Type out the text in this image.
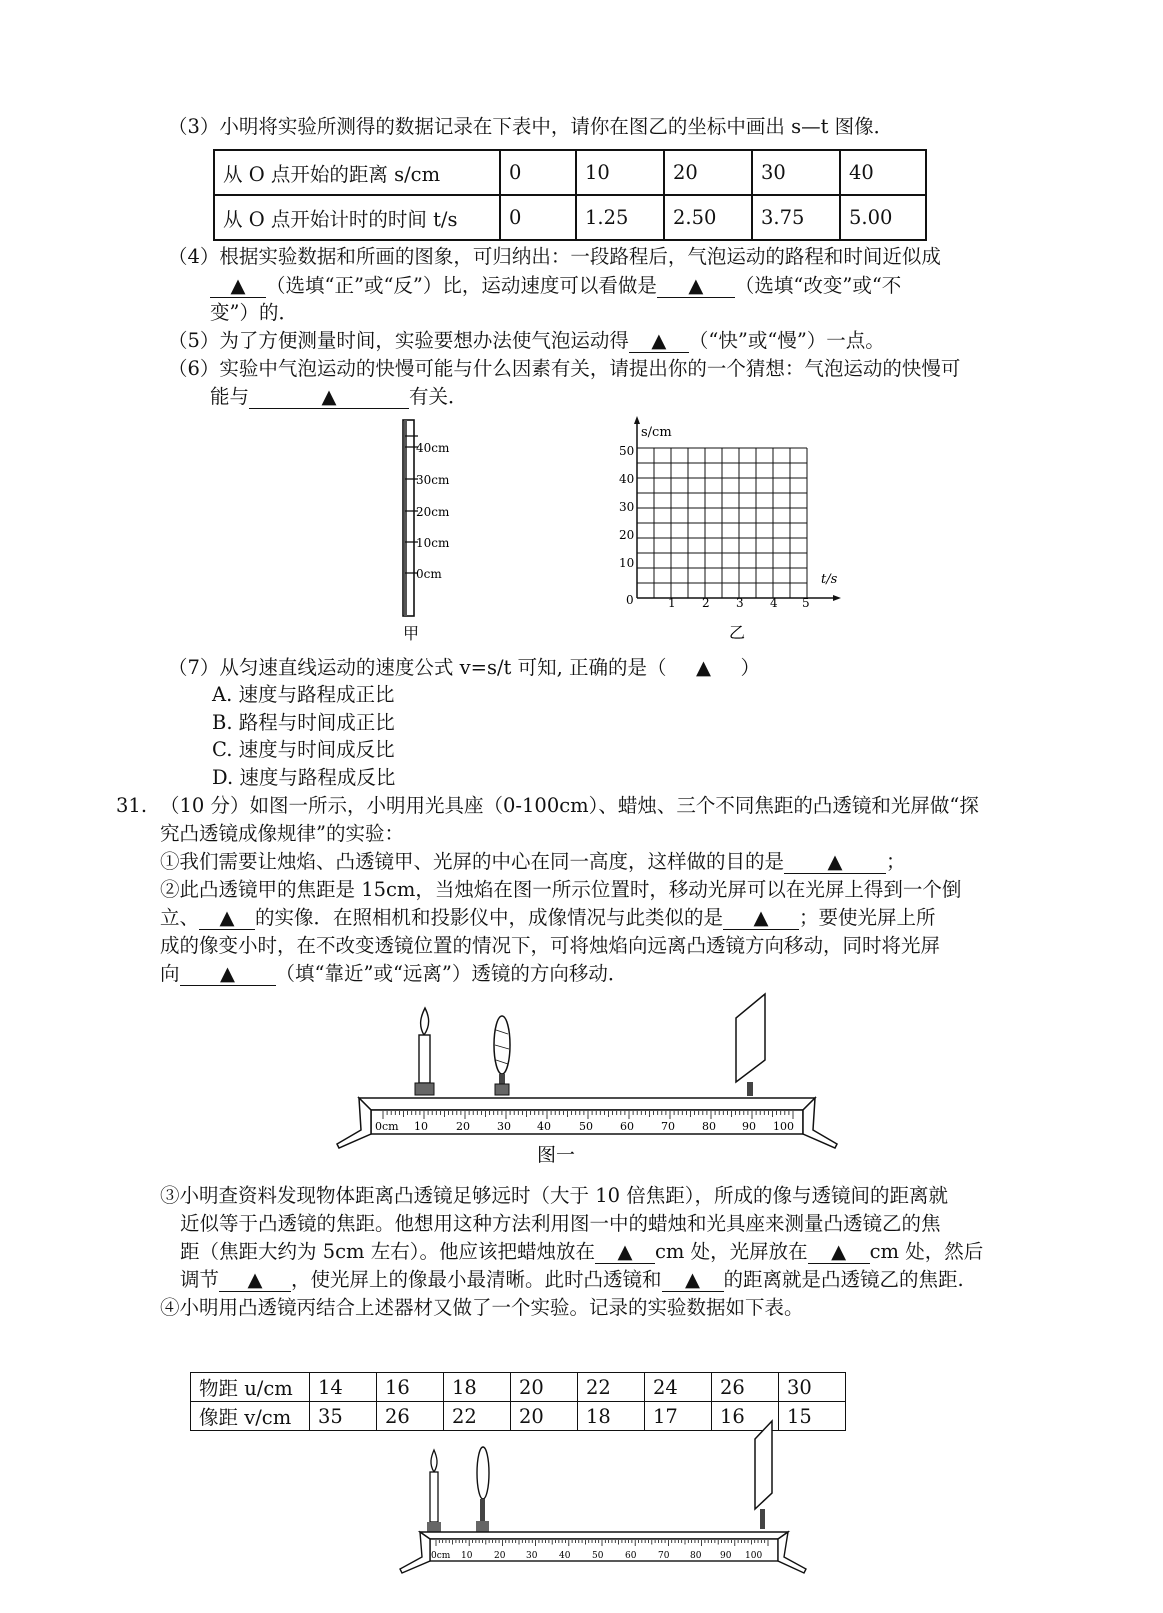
（3）小明将实验所测得的数据记录在下表中，请你在图乙的坐标中画出 s—t 图像．
从 O 点开始的距离 s/cm	0	10	20	30	40
从 O 点开始计时的时间 t/s	0	1.25	2.50	3.75	5.00
（4）根据实验数据和所画的图象，可归纳出：一段路程后，气泡运动的路程和时间近似成
▲ （选填“正”或“反”）比，运动速度可以看做是 ▲ （选填“改变”或“不
变”）的．
（5）为了方便测量时间，实验要想办法使气泡运动得 ▲ （“快”或“慢”）一点。
（6）实验中气泡运动的快慢可能与什么因素有关，请提出你的一个猜想：气泡运动的快慢可
能与	▲	有关．
40cm
30cm
20cm
10cm
0cm
甲
s/cm
t/s
50
40
30
20
10
0	1 2 3 4 5
乙
（7）从匀速直线运动的速度公式 v=s/t 可知, 正确的是（ ▲ ）
A. 速度与路程成正比
B. 路程与时间成正比
C. 速度与时间成反比
D. 速度与路程成反比
31. （10 分）如图一所示，小明用光具座（0-100cm）、蜡烛、三个不同焦距的凸透镜和光屏做“探
究凸透镜成像规律”的实验：
①我们需要让烛焰、凸透镜甲、光屏的中心在同一高度，这样做的目的是 ▲ ；
②此凸透镜甲的焦距是 15cm，当烛焰在图一所示位置时，移动光屏可以在光屏上得到一个倒
立、 ▲ 的实像．在照相机和投影仪中，成像情况与此类似的是 ▲ ；要使光屏上所
成的像变小时，在不改变透镜位置的情况下，可将烛焰向远离凸透镜方向移动，同时将光屏
向 ▲ （填“靠近”或“远离”）透镜的方向移动．
0cm 10	20 30 40	50 60 70 80 90 100
图一
③小明查资料发现物体距离凸透镜足够远时（大于 10 倍焦距），所成的像与透镜间的距离就
近似等于凸透镜的焦距。他想用这种方法利用图一中的蜡烛和光具座来测量凸透镜乙的焦
距（焦距大约为 5cm 左右）。他应该把蜡烛放在 ▲ cm 处，光屏放在 ▲ cm 处，然后
调节 ▲ ，使光屏上的像最小最清晰。此时凸透镜和 ▲ 的距离就是凸透镜乙的焦距.
④小明用凸透镜丙结合上述器材又做了一个实验。记录的实验数据如下表。
物距 u/cm	14	16	18	20	22	24	26	30
像距 v/cm	35	26	22	20	18	17	16	15
0cm 10 20 30 40 50 60 70 80 90 100
